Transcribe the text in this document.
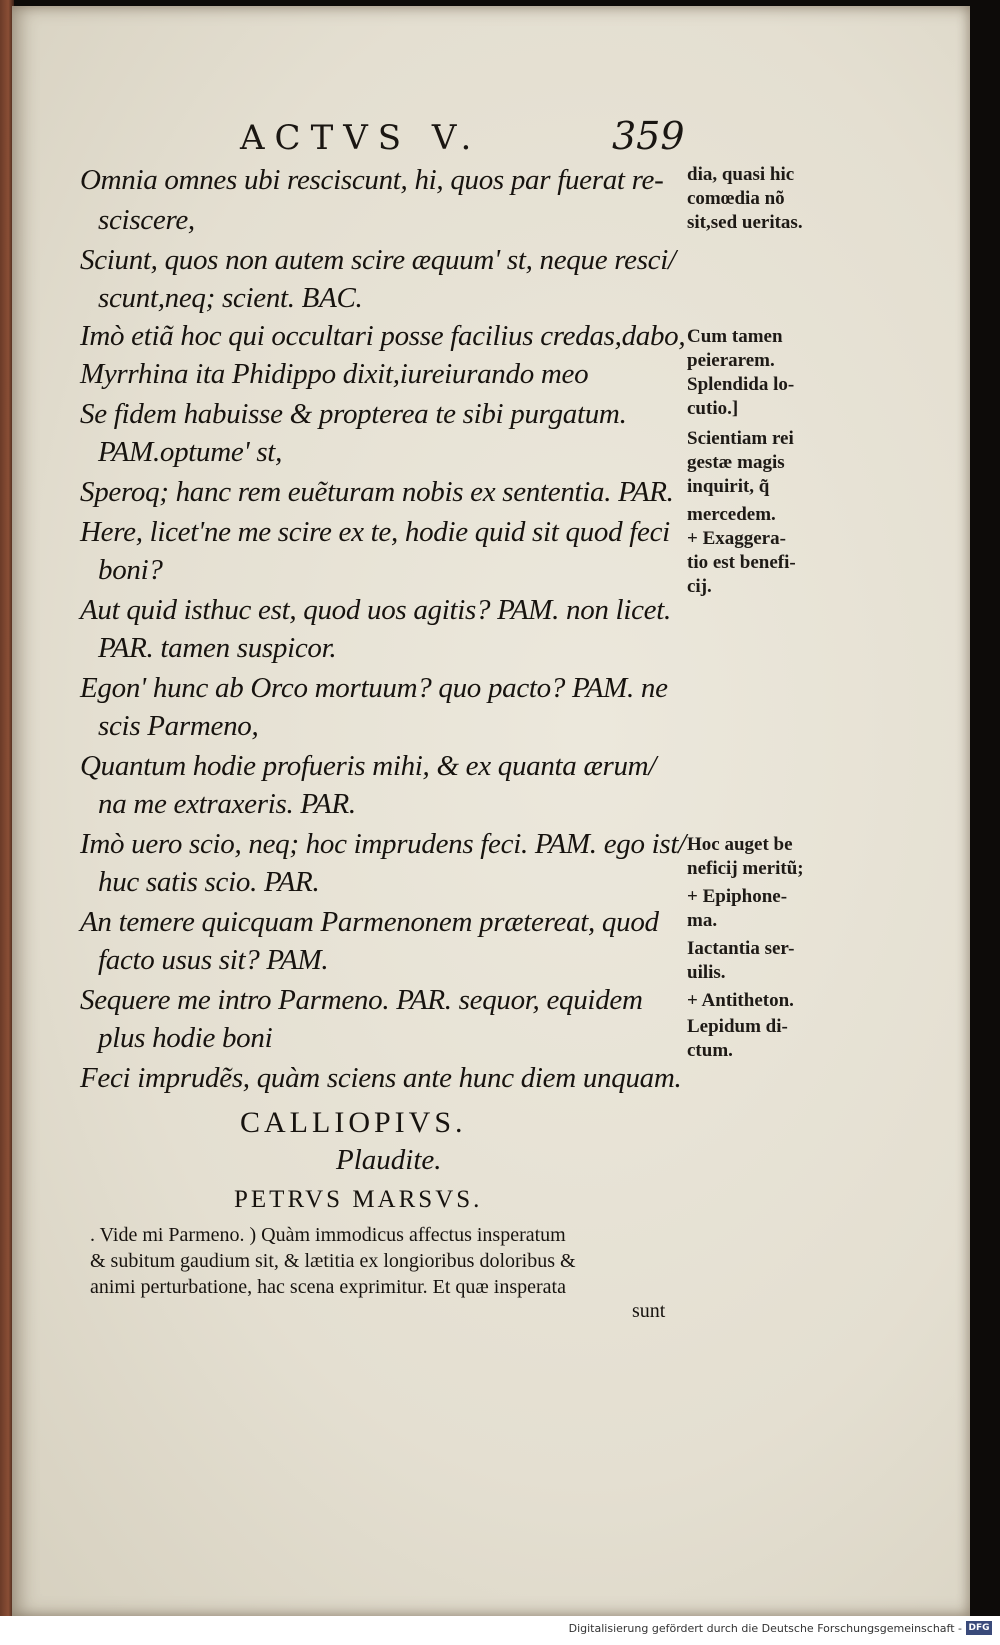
ACTVS V.	359
Omnia omnes ubi resciscunt, hi, quos par fuerat re-
sciscere,
Sciunt, quos non autem scire æquum' st, neque resci/
scunt,neq; scient. BAC.
Imò etiã hoc qui occultari posse facilius credas,dabo,
Myrrhina ita Phidippo dixit,iureiurando meo
Se fidem habuisse & propterea te sibi purgatum.
PAM.optume' st,
Speroq; hanc rem euẽturam nobis ex sententia. PAR.
Here, licet'ne me scire ex te, hodie quid sit quod feci
boni?
Aut quid isthuc est, quod uos agitis? PAM. non licet.
PAR. tamen suspicor.
Egon' hunc ab Orco mortuum? quo pacto? PAM. ne
scis Parmeno,
Quantum hodie profueris mihi, & ex quanta ærum/
na me extraxeris. PAR.
Imò uero scio, neq; hoc imprudens feci. PAM. ego ist/
huc satis scio. PAR.
An temere quicquam Parmenonem prætereat, quod
facto usus sit? PAM.
Sequere me intro Parmeno. PAR. sequor, equidem
plus hodie boni
Feci imprudẽs, quàm sciens ante hunc diem unquam.
dia, quasi hic
comœdia nõ
sit,sed ueritas.
Cum tamen
peierarem.
Splendida lo-
cutio.]
Scientiam rei
gestæ magis
inquirit, q̃
mercedem.
+ Exaggera-
tio est benefi-
cij.
Hoc auget be
neficij meritũ;
+ Epiphone-
ma.
Iactantia ser-
uilis.
+ Antitheton.
Lepidum di-
ctum.
CALLIOPIVS.
Plaudite.
PETRVS MARSVS.
. Vide mi Parmeno. ) Quàm immodicus affectus insperatum
& subitum gaudium sit, & lætitia ex longioribus doloribus &
animi perturbatione, hac scena exprimitur. Et quæ insperata
sunt
Digitalisierung gefördert durch die Deutsche Forschungsgemeinschaft - DFG
